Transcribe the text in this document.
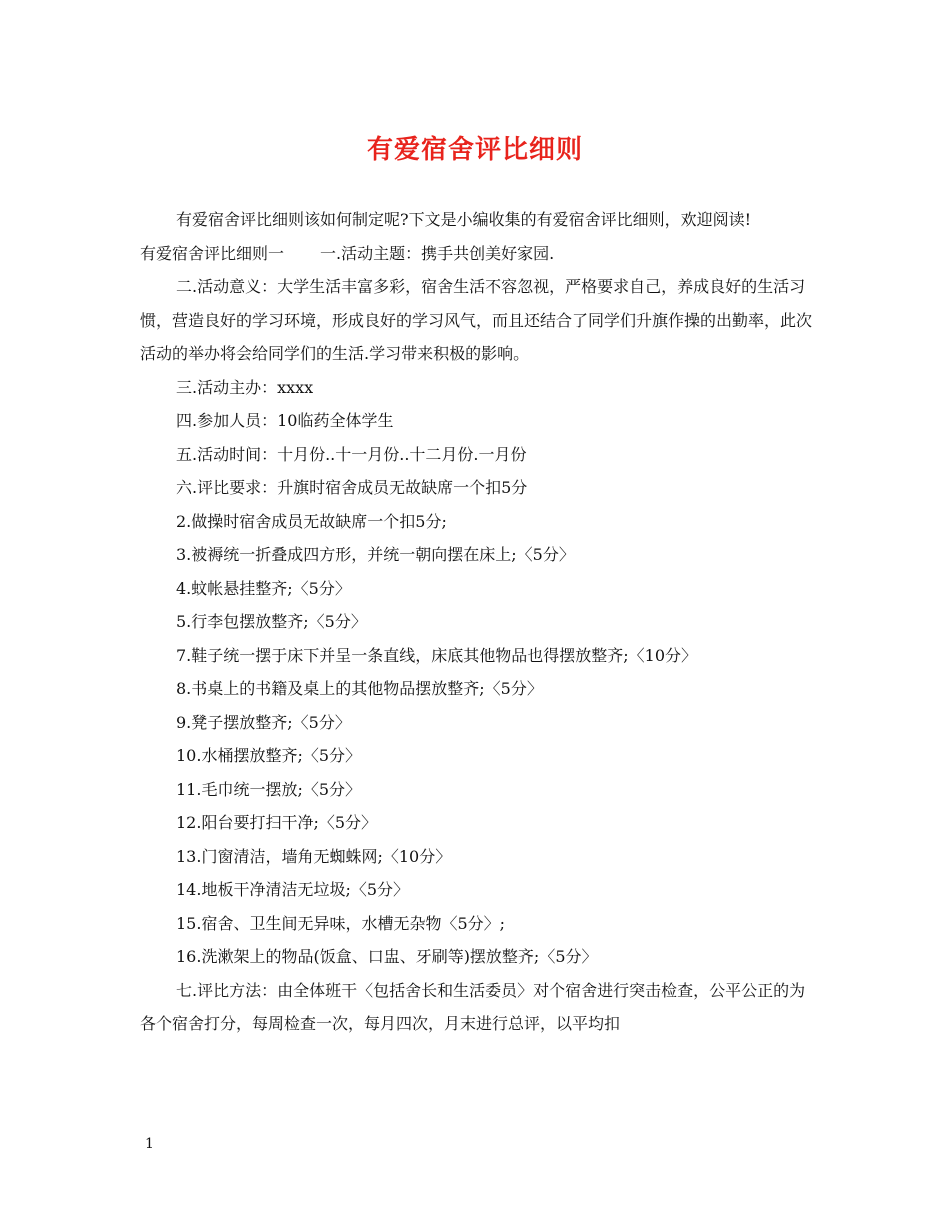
有爱宿舍评比细则

有爱宿舍评比细则该如何制定呢?下文是小编收集的有爱宿舍评比细则，欢迎阅读!

有爱宿舍评比细则一 一.活动主题：携手共创美好家园.

二.活动意义：大学生活丰富多彩，宿舍生活不容忽视，严格要求自己，养成良好的生活习惯，营造良好的学习环境，形成良好的学习风气，而且还结合了同学们升旗作操的出勤率，此次活动的举办将会给同学们的生活.学习带来积极的影响。

三.活动主办：xxxx

四.参加人员：10临药全体学生

五.活动时间：十月份..十一月份..十二月份.一月份

六.评比要求：升旗时宿舍成员无故缺席一个扣5分

2.做操时宿舍成员无故缺席一个扣5分;

3.被褥统一折叠成四方形，并统一朝向摆在床上;〈5分〉

4.蚊帐悬挂整齐;〈5分〉

5.行李包摆放整齐;〈5分〉

7.鞋子统一摆于床下并呈一条直线，床底其他物品也得摆放整齐;〈10分〉

8.书桌上的书籍及桌上的其他物品摆放整齐;〈5分〉

9.凳子摆放整齐;〈5分〉

10.水桶摆放整齐;〈5分〉

11.毛巾统一摆放;〈5分〉

12.阳台要打扫干净;〈5分〉

13.门窗清洁，墙角无蜘蛛网;〈10分〉

14.地板干净清洁无垃圾;〈5分〉

15.宿舍、卫生间无异味，水槽无杂物〈5分〉;

16.洗漱架上的物品(饭盒、口盅、牙刷等)摆放整齐;〈5分〉

七.评比方法：由全体班干〈包括舍长和生活委员〉对个宿舍进行突击检查，公平公正的为各个宿舍打分，每周检查一次，每月四次，月末进行总评，以平均扣

1
